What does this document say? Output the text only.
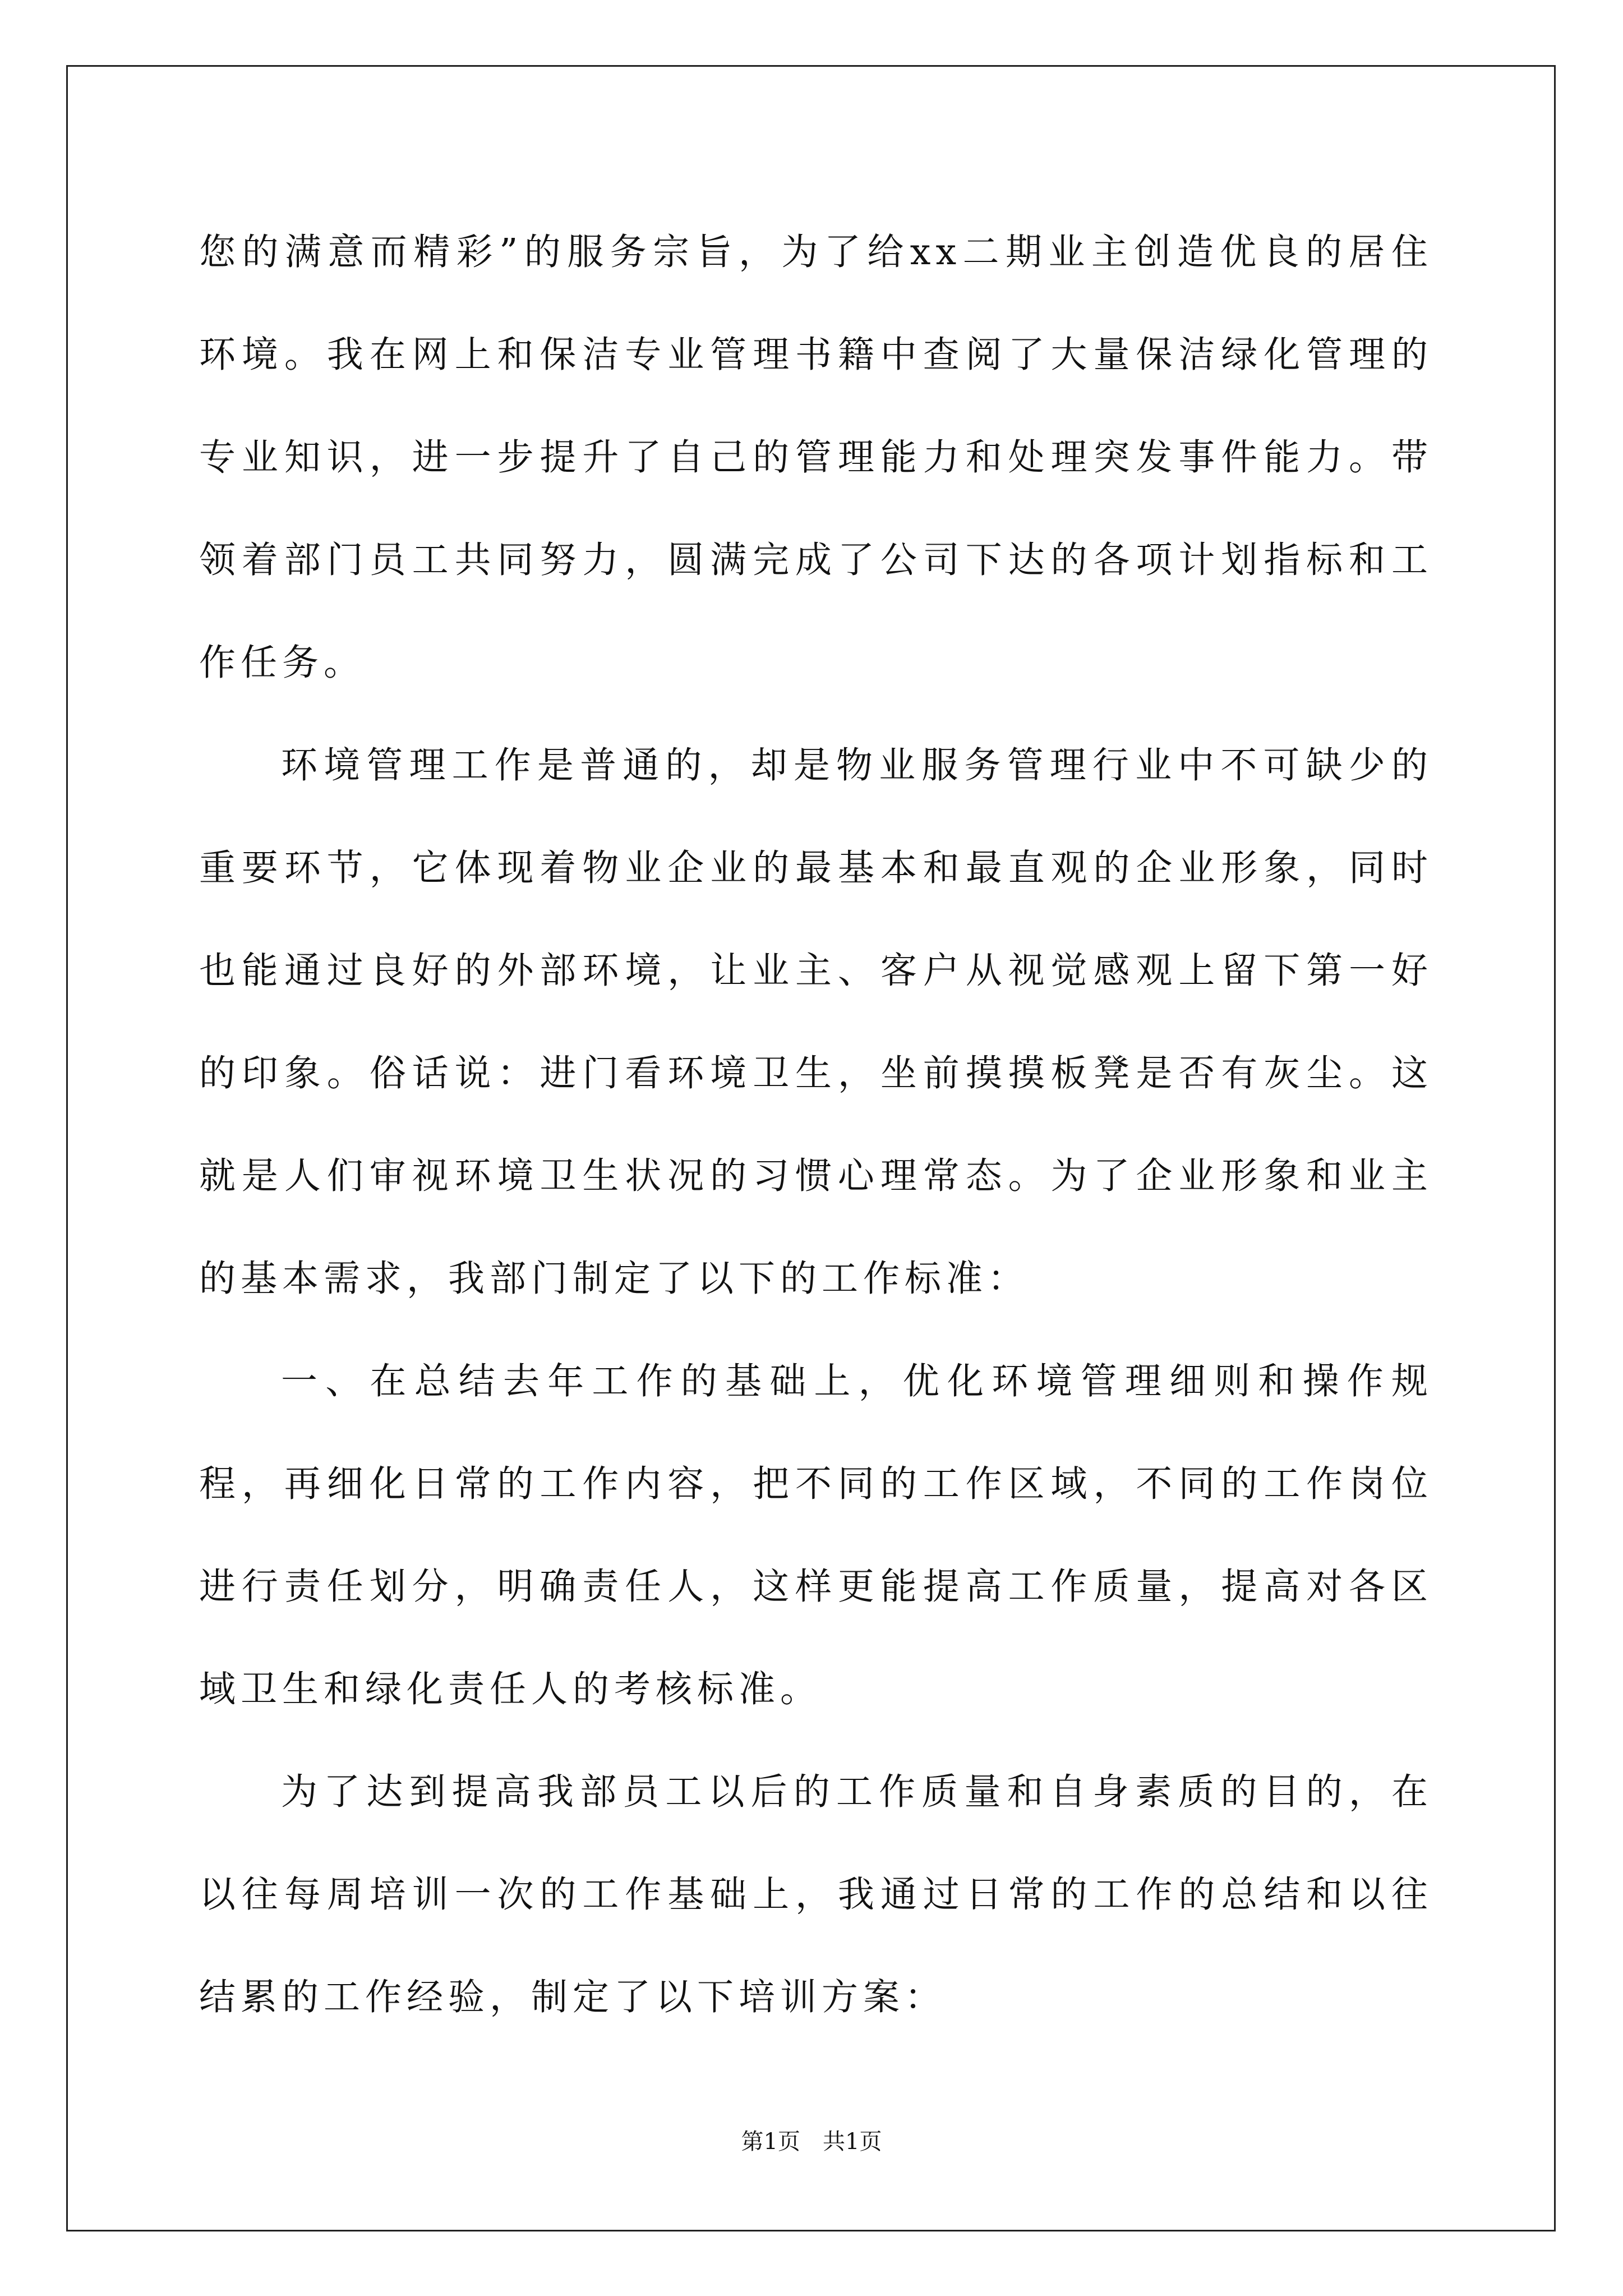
您的满意而精彩”的服务宗旨，为了给xx二期业主创造优良的居住环境。我在网上和保洁专业管理书籍中查阅了大量保洁绿化管理的专业知识，进一步提升了自己的管理能力和处理突发事件能力。带领着部门员工共同努力，圆满完成了公司下达的各项计划指标和工作任务。

环境管理工作是普通的，却是物业服务管理行业中不可缺少的重要环节，它体现着物业企业的最基本和最直观的企业形象，同时也能通过良好的外部环境，让业主、客户从视觉感观上留下第一好的印象。俗话说：进门看环境卫生，坐前摸摸板凳是否有灰尘。这就是人们审视环境卫生状况的习惯心理常态。为了企业形象和业主的基本需求，我部门制定了以下的工作标准：

一、在总结去年工作的基础上，优化环境管理细则和操作规程，再细化日常的工作内容，把不同的工作区域，不同的工作岗位进行责任划分，明确责任人，这样更能提高工作质量，提高对各区域卫生和绿化责任人的考核标准。

为了达到提高我部员工以后的工作质量和自身素质的目的，在以往每周培训一次的工作基础上，我通过日常的工作的总结和以往结累的工作经验，制定了以下培训方案：

第1页　共1页
